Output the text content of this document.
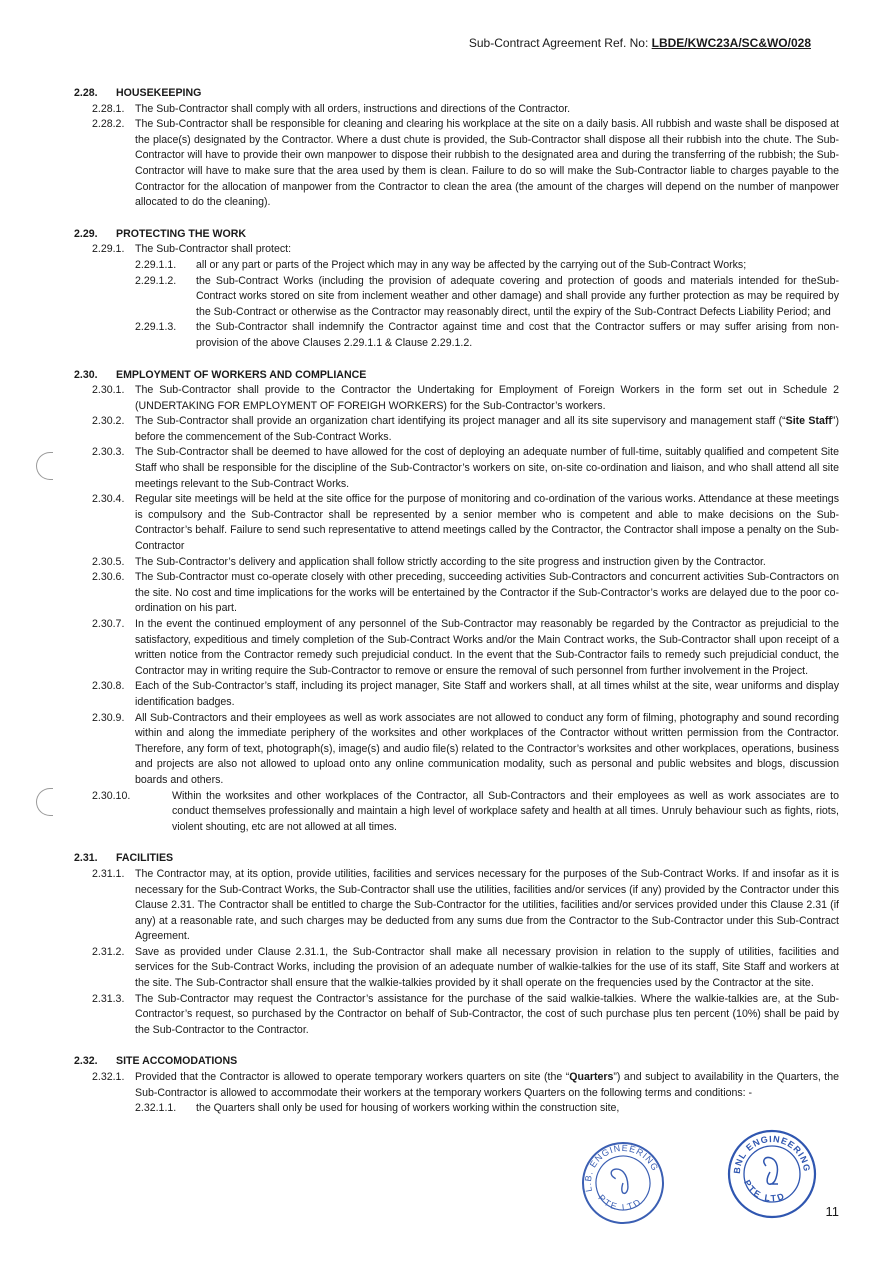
Sub-Contract Agreement Ref. No: LBDE/KWC23A/SC&WO/028
2.28.	HOUSEKEEPING
2.28.1. The Sub-Contractor shall comply with all orders, instructions and directions of the Contractor.
2.28.2. The Sub-Contractor shall be responsible for cleaning and clearing his workplace at the site on a daily basis. All rubbish and waste shall be disposed at the place(s) designated by the Contractor. Where a dust chute is provided, the Sub-Contractor shall dispose all their rubbish into the chute. The Sub-Contractor will have to provide their own manpower to dispose their rubbish to the designated area and during the transferring of the rubbish; the Sub-Contractor will have to make sure that the area used by them is clean. Failure to do so will make the Sub-Contractor liable to charges payable to the Contractor for the allocation of manpower from the Contractor to clean the area (the amount of the charges will depend on the number of manpower allocated to do the cleaning).
2.29.	PROTECTING THE WORK
2.29.1. The Sub-Contractor shall protect:
2.29.1.1.	all or any part or parts of the Project which may in any way be affected by the carrying out of the Sub-Contract Works;
2.29.1.2.	the Sub-Contract Works (including the provision of adequate covering and protection of goods and materials intended for theSub-Contract works stored on site from inclement weather and other damage) and shall provide any further protection as may be required by the Sub-Contract or otherwise as the Contractor may reasonably direct, until the expiry of the Sub-Contract Defects Liability Period; and
2.29.1.3.	the Sub-Contractor shall indemnify the Contractor against time and cost that the Contractor suffers or may suffer arising from non-provision of the above Clauses 2.29.1.1 & Clause 2.29.1.2.
2.30.	EMPLOYMENT OF WORKERS AND COMPLIANCE
2.30.1. The Sub-Contractor shall provide to the Contractor the Undertaking for Employment of Foreign Workers in the form set out in Schedule 2 (UNDERTAKING FOR EMPLOYMENT OF FOREIGH WORKERS) for the Sub-Contractor’s workers.
2.30.2. The Sub-Contractor shall provide an organization chart identifying its project manager and all its site supervisory and management staff (“Site Staff”) before the commencement of the Sub-Contract Works.
2.30.3. The Sub-Contractor shall be deemed to have allowed for the cost of deploying an adequate number of full-time, suitably qualified and competent Site Staff who shall be responsible for the discipline of the Sub-Contractor’s workers on site, on-site co-ordination and liaison, and who shall attend all site meetings relevant to the Sub-Contract Works.
2.30.4. Regular site meetings will be held at the site office for the purpose of monitoring and co-ordination of the various works. Attendance at these meetings is compulsory and the Sub-Contractor shall be represented by a senior member who is competent and able to make decisions on the Sub-Contractor’s behalf. Failure to send such representative to attend meetings called by the Contractor, the Contractor shall impose a penalty on the Sub-Contractor
2.30.5. The Sub-Contractor’s delivery and application shall follow strictly according to the site progress and instruction given by the Contractor.
2.30.6. The Sub-Contractor must co-operate closely with other preceding, succeeding activities Sub-Contractors and concurrent activities Sub-Contractors on the site. No cost and time implications for the works will be entertained by the Contractor if the Sub-Contractor’s works are delayed due to the poor co-ordination on his part.
2.30.7. In the event the continued employment of any personnel of the Sub-Contractor may reasonably be regarded by the Contractor as prejudicial to the satisfactory, expeditious and timely completion of the Sub-Contract Works and/or the Main Contract works, the Sub-Contractor shall upon receipt of a written notice from the Contractor remedy such prejudicial conduct. In the event that the Sub-Contractor fails to remedy such prejudicial conduct, the Contractor may in writing require the Sub-Contractor to remove or ensure the removal of such personnel from further involvement in the Project.
2.30.8. Each of the Sub-Contractor’s staff, including its project manager, Site Staff and workers shall, at all times whilst at the site, wear uniforms and display identification badges.
2.30.9. All Sub-Contractors and their employees as well as work associates are not allowed to conduct any form of filming, photography and sound recording within and along the immediate periphery of the worksites and other workplaces of the Contractor without written permission from the Contractor. Therefore, any form of text, photograph(s), image(s) and audio file(s) related to the Contractor’s worksites and other workplaces, operations, business and projects are also not allowed to upload onto any online communication modality, such as personal and public websites and blogs, discussion boards and others.
2.30.10.	Within the worksites and other workplaces of the Contractor, all Sub-Contractors and their employees as well as work associates are to conduct themselves professionally and maintain a high level of workplace safety and health at all times. Unruly behaviour such as fights, riots, violent shouting, etc are not allowed at all times.
2.31.	FACILITIES
2.31.1. The Contractor may, at its option, provide utilities, facilities and services necessary for the purposes of the Sub-Contract Works. If and insofar as it is necessary for the Sub-Contract Works, the Sub-Contractor shall use the utilities, facilities and/or services (if any) provided by the Contractor under this Clause 2.31. The Contractor shall be entitled to charge the Sub-Contractor for the utilities, facilities and/or services provided under this Clause 2.31 (if any) at a reasonable rate, and such charges may be deducted from any sums due from the Contractor to the Sub-Contractor under this Sub-Contract Agreement.
2.31.2. Save as provided under Clause 2.31.1, the Sub-Contractor shall make all necessary provision in relation to the supply of utilities, facilities and services for the Sub-Contract Works, including the provision of an adequate number of walkie-talkies for the use of its staff, Site Staff and workers at the site. The Sub-Contractor shall ensure that the walkie-talkies provided by it shall operate on the frequencies used by the Contractor at the site.
2.31.3. The Sub-Contractor may request the Contractor’s assistance for the purchase of the said walkie-talkies. Where the walkie-talkies are, at the Sub-Contractor’s request, so purchased by the Contractor on behalf of Sub-Contractor, the cost of such purchase plus ten percent (10%) shall be paid by the Sub-Contractor to the Contractor.
2.32.	SITE ACCOMODATIONS
2.32.1. Provided that the Contractor is allowed to operate temporary workers quarters on site (the “Quarters”) and subject to availability in the Quarters, the Sub-Contractor is allowed to accommodate their workers at the temporary workers Quarters on the following terms and conditions: -
2.32.1.1.	the Quarters shall only be used for housing of workers working within the construction site,
L.B. ENGINEERING
PTE LTD
BNL ENGINEERING
PTE LTD
11
